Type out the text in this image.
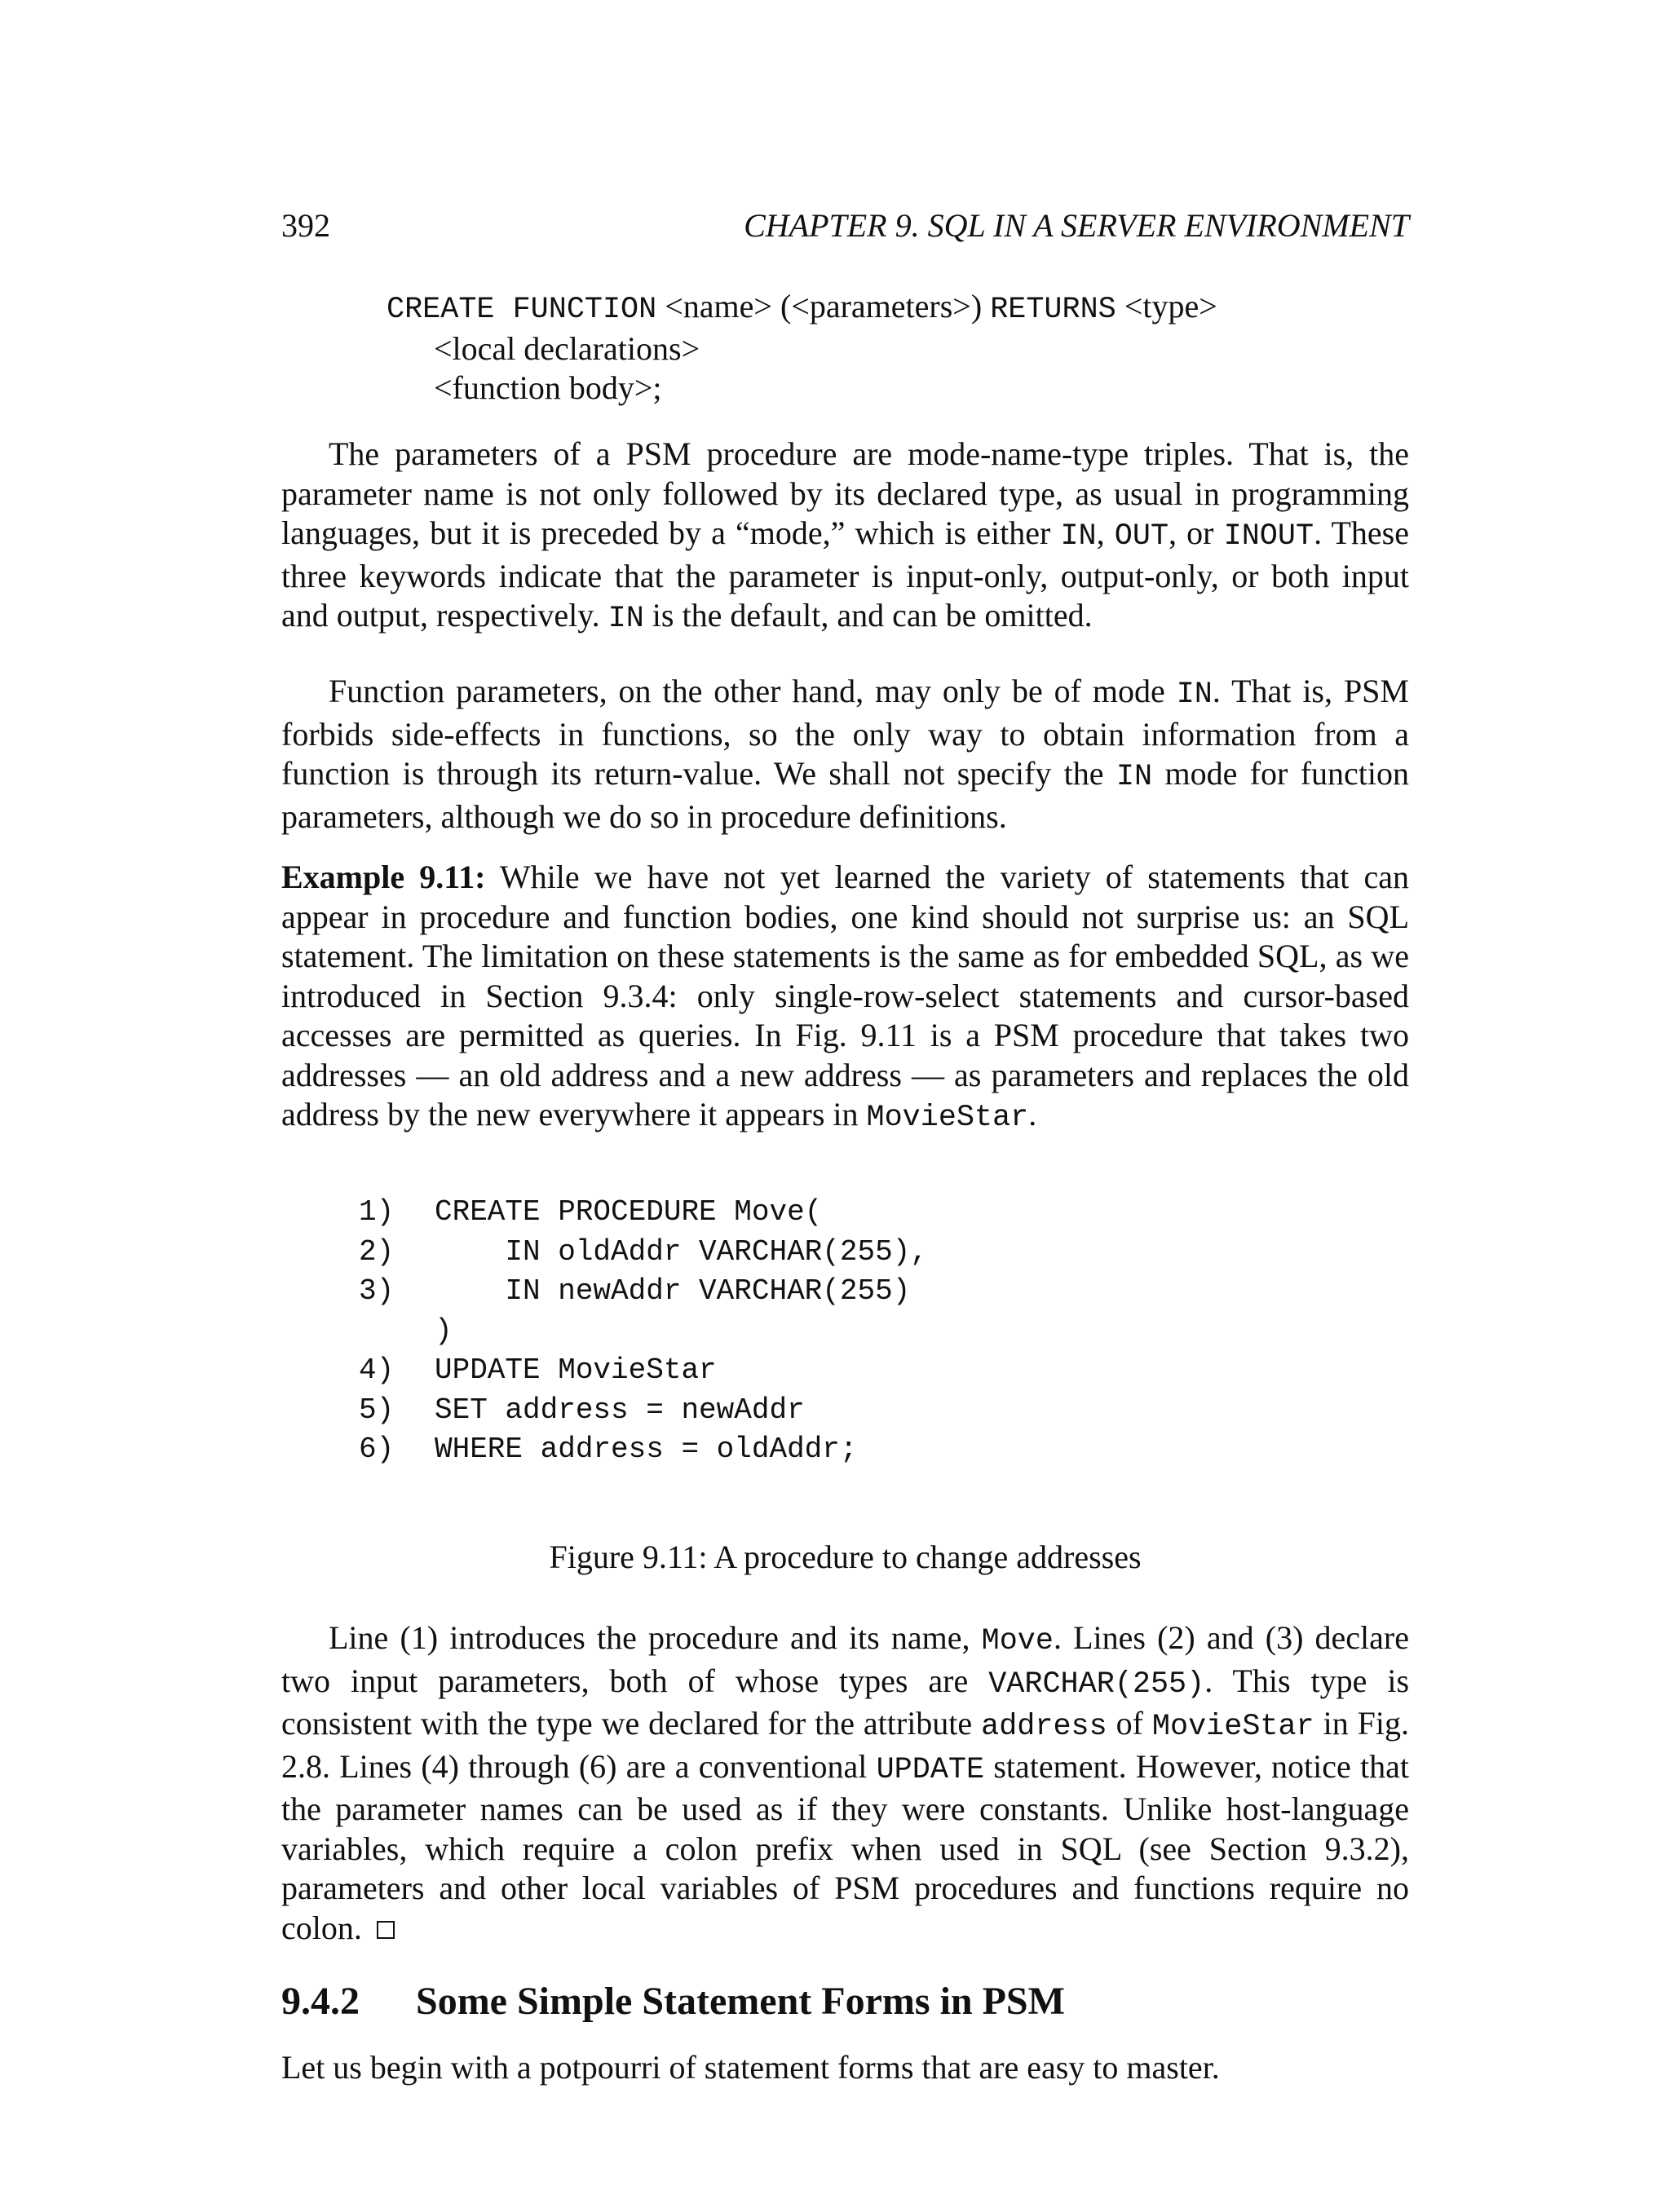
392	CHAPTER 9. SQL IN A SERVER ENVIRONMENT
CREATE FUNCTION <name> (<parameters>) RETURNS <type>
<local declarations>
<function body>;

The parameters of a PSM procedure are mode-name-type triples. That is, the parameter name is not only followed by its declared type, as usual in programming languages, but it is preceded by a “mode,” which is either IN, OUT, or INOUT. These three keywords indicate that the parameter is input-only, output-only, or both input and output, respectively. IN is the default, and can be omitted.

Function parameters, on the other hand, may only be of mode IN. That is, PSM forbids side-effects in functions, so the only way to obtain information from a function is through its return-value. We shall not specify the IN mode for function parameters, although we do so in procedure definitions.

Example 9.11: While we have not yet learned the variety of statements that can appear in procedure and function bodies, one kind should not surprise us: an SQL statement. The limitation on these statements is the same as for embedded SQL, as we introduced in Section 9.3.4: only single-row-select statements and cursor-based accesses are permitted as queries. In Fig. 9.11 is a PSM procedure that takes two addresses — an old address and a new address — as parameters and replaces the old address by the new everywhere it appears in MovieStar.

1)	CREATE PROCEDURE Move(
2)	IN oldAddr VARCHAR(255),
3)	IN newAddr VARCHAR(255)
)
4)	UPDATE MovieStar
5)	SET address = newAddr
6)	WHERE address = oldAddr;
Figure 9.11: A procedure to change addresses

Line (1) introduces the procedure and its name, Move. Lines (2) and (3) declare two input parameters, both of whose types are VARCHAR(255). This type is consistent with the type we declared for the attribute address of MovieStar in Fig. 2.8. Lines (4) through (6) are a conventional UPDATE statement. However, notice that the parameter names can be used as if they were constants. Unlike host-language variables, which require a colon prefix when used in SQL (see Section 9.3.2), parameters and other local variables of PSM procedures and functions require no colon.

9.4.2 Some Simple Statement Forms in PSM

Let us begin with a potpourri of statement forms that are easy to master.
